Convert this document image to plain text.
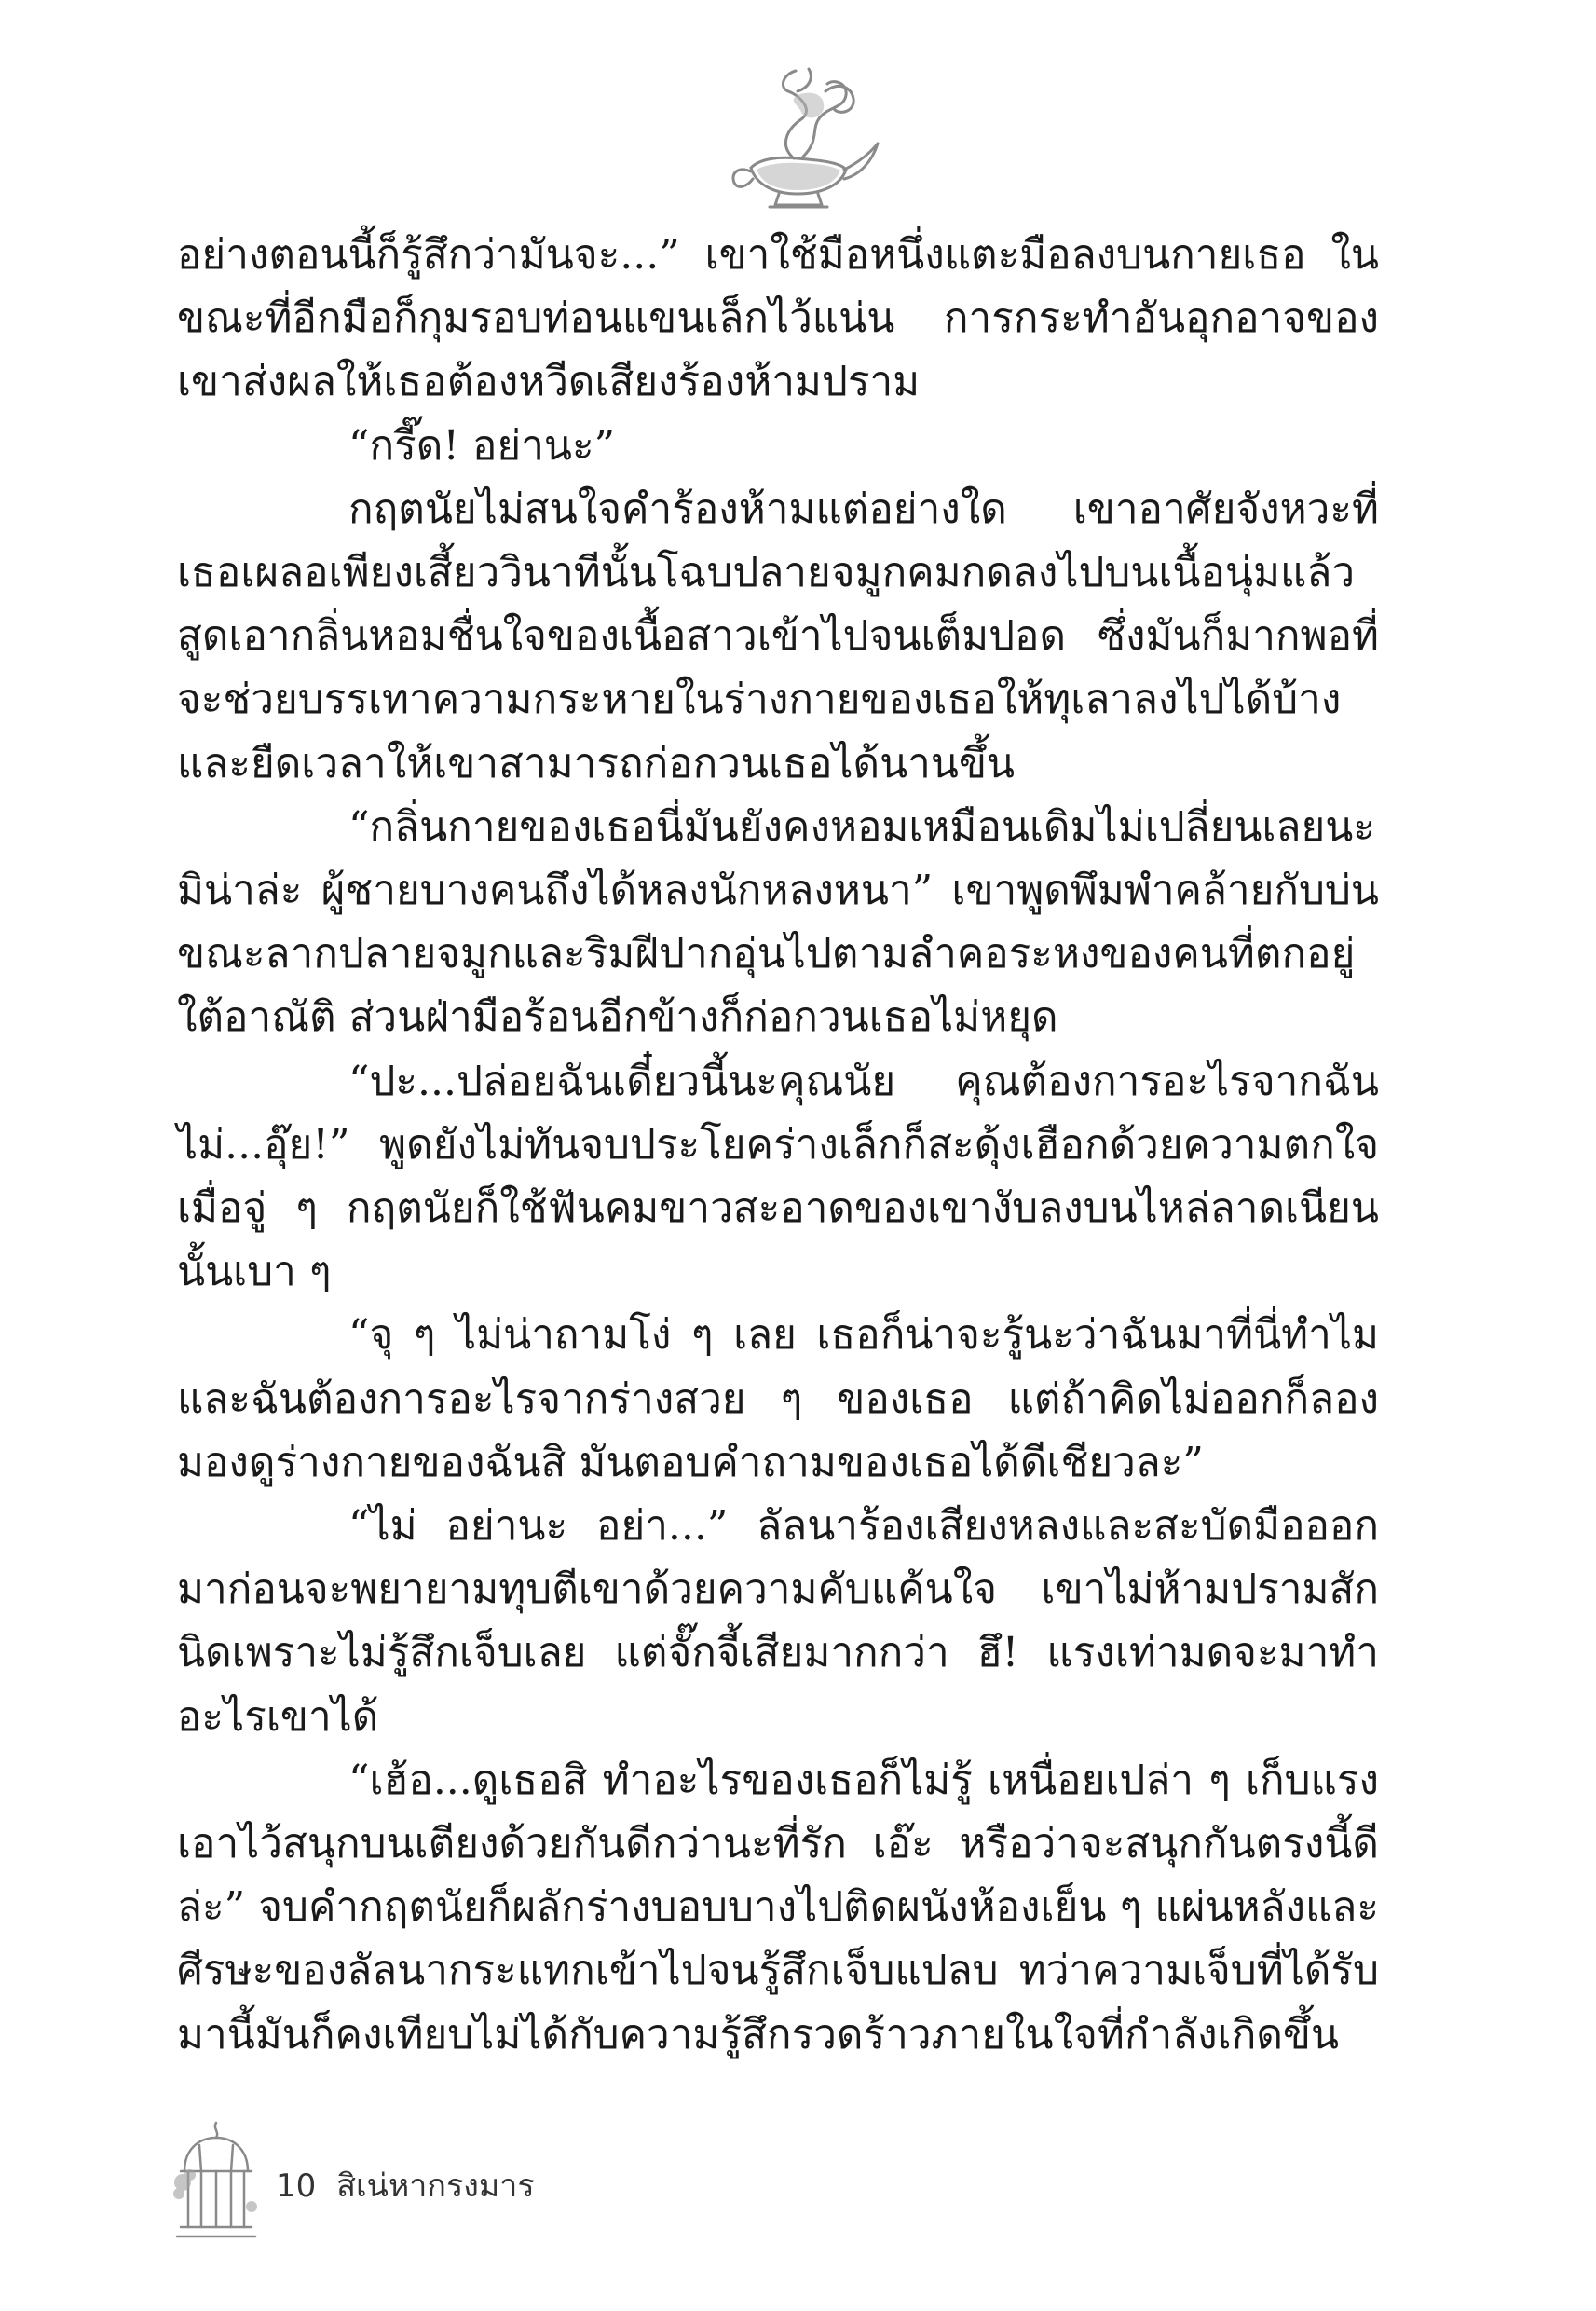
อย่างตอนนี้ก็รู้สึกว่ามันจะ...” เขาใช้มือหนึ่งแตะมือลงบนกายเธอ ในขณะที่อีกมือก็กุมรอบท่อนแขนเล็กไว้แน่น การกระทำอันอุกอาจของเขาส่งผลให้เธอต้องหวีดเสียงร้องห้ามปราม

“กรี๊ด! อย่านะ”

กฤตนัยไม่สนใจคำร้องห้ามแต่อย่างใด เขาอาศัยจังหวะที่เธอเผลอเพียงเสี้ยววินาทีนั้นโฉบปลายจมูกคมกดลงไปบนเนื้อนุ่มแล้วสูดเอากลิ่นหอมชื่นใจของเนื้อสาวเข้าไปจนเต็มปอด ซึ่งมันก็มากพอที่จะช่วยบรรเทาความกระหายในร่างกายของเธอให้ทุเลาลงไปได้บ้าง และยืดเวลาให้เขาสามารถก่อกวนเธอได้นานขึ้น

“กลิ่นกายของเธอนี่มันยังคงหอมเหมือนเดิมไม่เปลี่ยนเลยนะมิน่าล่ะ ผู้ชายบางคนถึงได้หลงนักหลงหนา” เขาพูดพึมพำคล้ายกับบ่นขณะลากปลายจมูกและริมฝีปากอุ่นไปตามลำคอระหงของคนที่ตกอยู่ใต้อาณัติ ส่วนฝ่ามือร้อนอีกข้างก็ก่อกวนเธอไม่หยุด

“ปะ...ปล่อยฉันเดี๋ยวนี้นะคุณนัย คุณต้องการอะไรจากฉัน ไม่...อุ๊ย!” พูดยังไม่ทันจบประโยคร่างเล็กก็สะดุ้งเฮือกด้วยความตกใจ เมื่อจู่ ๆ กฤตนัยก็ใช้ฟันคมขาวสะอาดของเขางับลงบนไหล่ลาดเนียนนั้นเบา ๆ

“จุ ๆ ไม่น่าถามโง่ ๆ เลย เธอก็น่าจะรู้นะว่าฉันมาที่นี่ทำไม และฉันต้องการอะไรจากร่างสวย ๆ ของเธอ แต่ถ้าคิดไม่ออกก็ลองมองดูร่างกายของฉันสิ มันตอบคำถามของเธอได้ดีเชียวละ”

“ไม่ อย่านะ อย่า...” ลัลนาร้องเสียงหลงและสะบัดมือออกมาก่อนจะพยายามทุบตีเขาด้วยความคับแค้นใจ เขาไม่ห้ามปรามสักนิดเพราะไม่รู้สึกเจ็บเลย แต่จั๊กจี้เสียมากกว่า ฮึ! แรงเท่ามดจะมาทำอะไรเขาได้

“เฮ้อ...ดูเธอสิ ทำอะไรของเธอก็ไม่รู้ เหนื่อยเปล่า ๆ เก็บแรงเอาไว้สนุกบนเตียงด้วยกันดีกว่านะที่รัก เอ๊ะ หรือว่าจะสนุกกันตรงนี้ดีล่ะ” จบคำกฤตนัยก็ผลักร่างบอบบางไปติดผนังห้องเย็น ๆ แผ่นหลังและศีรษะของลัลนากระแทกเข้าไปจนรู้สึกเจ็บแปลบ ทว่าความเจ็บที่ได้รับมานี้มันก็คงเทียบไม่ได้กับความรู้สึกรวดร้าวภายในใจที่กำลังเกิดขึ้น

10 สิเน่หากรงมาร
